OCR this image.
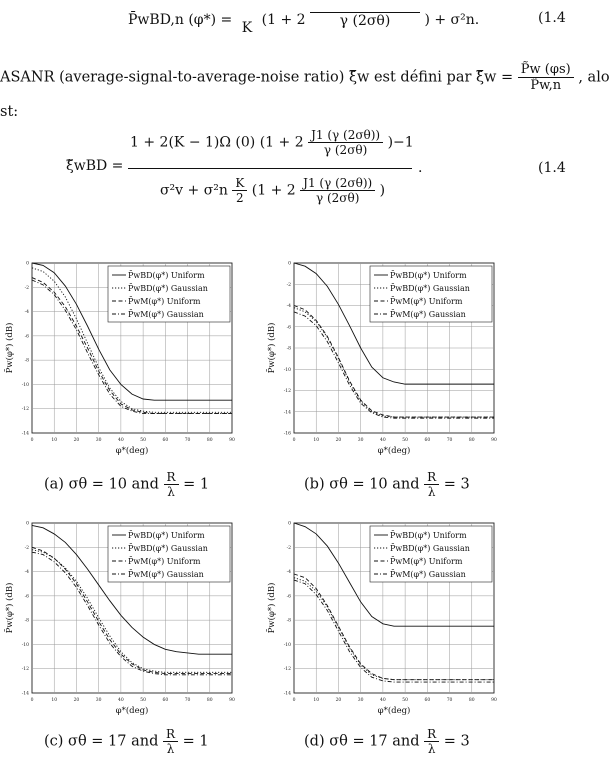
P̄wBD,n (φ*) = K (1 + 2	γ (2σθ)	) + σ²n.	(1.4
ASANR (average-signal-to-average-noise ratio) ξ̃w est défini par ξ̃w = $\frac{P̃w (\varphi s)}{P̃w,n}$ , alo
st:
ξ̃wBD =
1 + 2(K − 1)Ω (0) $(1 + 2 \frac{J1 (\gamma (2\sigma\theta))}{\gamma (2\sigma\theta)} )-1$
$\sigma^2v + \sigma^2n \frac{K}{2} (1 + 2 \frac{J1 (\gamma (2\sigma\theta))}{\gamma (2\sigma\theta)}$ )
.	(1.4
0	10	20	30	40	50	60	70	80	90
0
-2
-4
-6
-8
-10
-12
-14
P̄w(φ*) (dB)
φ*(deg)
P̄wBD(φ*) Uniform
P̄wBD(φ*) Gaussian
P̄wM(φ*) Uniform
P̄wM(φ*) Gaussian
0	10	20	30	40	50	60	70	80	90
0
-2
-4
-6
-8
-10
-12
-14
-16
P̄w(φ*) (dB)
φ*(deg)
P̄wBD(φ*) Uniform
P̄wBD(φ*) Gaussian
P̄wM(φ*) Uniform
P̄wM(φ*) Gaussian
0	10	20	30	40	50	60	70	80	90
0
-2
-4
-6
-8
-10
-12
-14
P̄w(φ*) (dB)
φ*(deg)
P̄wBD(φ*) Uniform
P̄wBD(φ*) Gaussian
P̄wM(φ*) Uniform
P̄wM(φ*) Gaussian
0	10	20	30	40	50	60	70	80	90
0
-2
-4
-6
-8
-10
-12
-14
P̄w(φ*) (dB)
φ*(deg)
P̄wBD(φ*) Uniform
P̄wBD(φ*) Gaussian
P̄wM(φ*) Uniform
P̄wM(φ*) Gaussian
(a) σθ = 10 and $\frac{R}{\lambda} = 1$	(b) σθ = 10 and $\frac{R}{\lambda} = 3$
(c) σθ = 17 and $\frac{R}{\lambda} = 1$	(d) σθ = 17 and $\frac{R}{\lambda} = 3$
